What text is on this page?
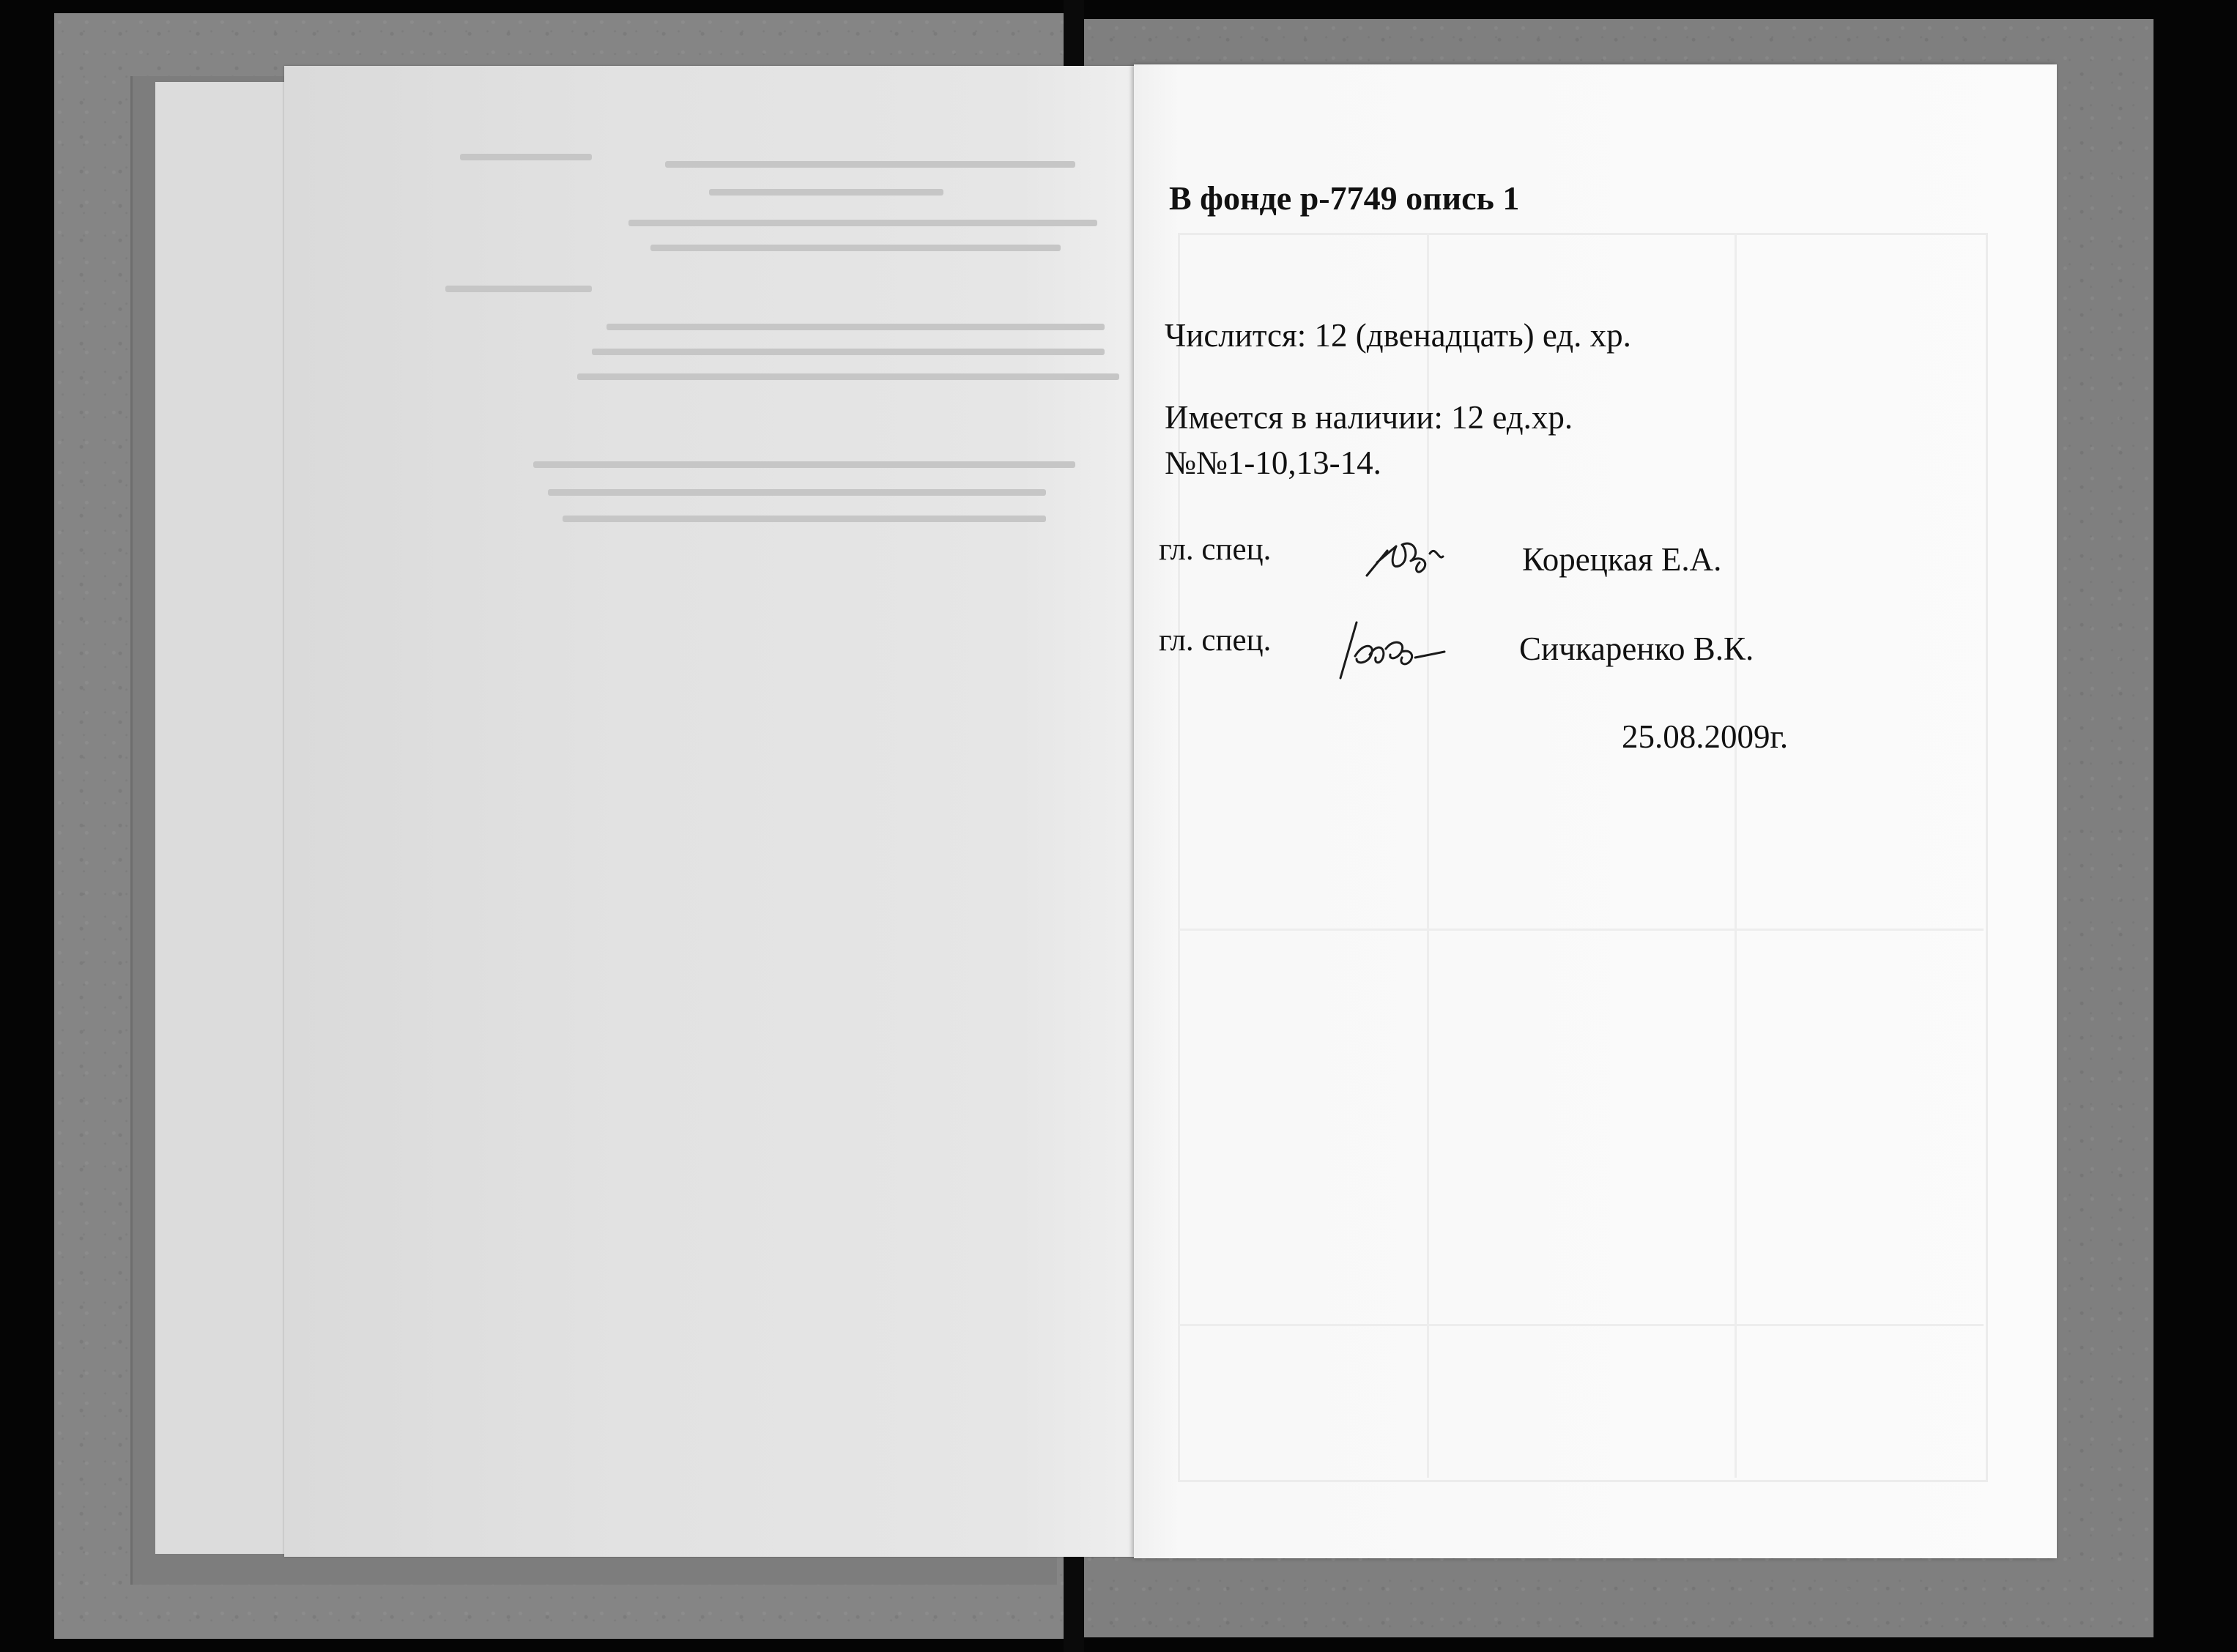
В фонде р-7749 опись 1

Числится: 12 (двенадцать) ед. хр.

Имеется в наличии: 12 ед.хр.

№№1-10,13-14.

гл. спец.	Корецкая Е.А.

гл. спец.	Сичкаренко В.К.

25.08.2009г.
